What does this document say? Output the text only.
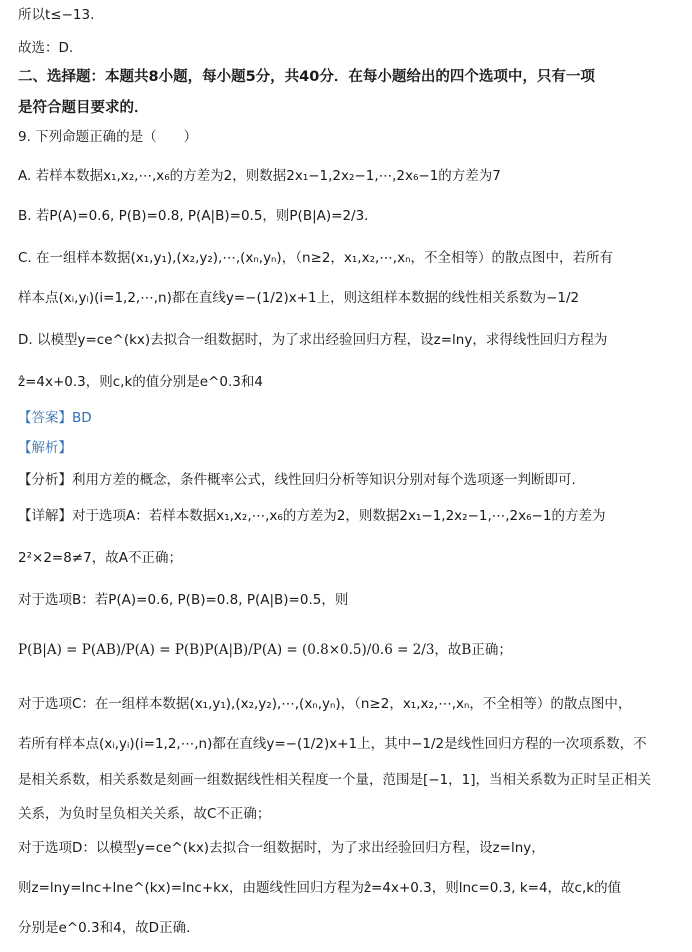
所以t≤−13.
故选：D.
二、选择题：本题共8小题，每小题5分，共40分．在每小题给出的四个选项中，只有一项
是符合题目要求的．
9. 下列命题正确的是（　　）
A. 若样本数据x₁,x₂,⋯,x₆的方差为2，则数据2x₁−1,2x₂−1,⋯,2x₆−1的方差为7
B. 若P(A)=0.6, P(B)=0.8, P(A|B)=0.5，则P(B|A)=2/3．
C. 在一组样本数据(x₁,y₁),(x₂,y₂),⋯,(xₙ,yₙ)，（n≥2，x₁,x₂,⋯,xₙ，不全相等）的散点图中，若所有
样本点(xᵢ,yᵢ)(i=1,2,⋯,n)都在直线y=−(1/2)x+1上，则这组样本数据的线性相关系数为−1/2
D. 以模型y=ce^(kx)去拟合一组数据时，为了求出经验回归方程，设z=lny，求得线性回归方程为
ẑ=4x+0.3，则c,k的值分别是e^0.3和4
【答案】BD
【解析】
【分析】利用方差的概念，条件概率公式，线性回归分析等知识分别对每个选项逐一判断即可.
【详解】对于选项A：若样本数据x₁,x₂,⋯,x₆的方差为2，则数据2x₁−1,2x₂−1,⋯,2x₆−1的方差为
2²×2=8≠7，故A不正确；
对于选项B：若P(A)=0.6, P(B)=0.8, P(A|B)=0.5，则
P(B|A) = P(AB)/P(A) = P(B)P(A|B)/P(A) = (0.8×0.5)/0.6 = 2/3，故B正确；
对于选项C：在一组样本数据(x₁,y₁),(x₂,y₂),⋯,(xₙ,yₙ)，（n≥2，x₁,x₂,⋯,xₙ，不全相等）的散点图中，
若所有样本点(xᵢ,yᵢ)(i=1,2,⋯,n)都在直线y=−(1/2)x+1上，其中−1/2是线性回归方程的一次项系数，不
是相关系数，相关系数是刻画一组数据线性相关程度一个量，范围是[−1，1]，当相关系数为正时呈正相关
关系，为负时呈负相关关系，故C不正确；
对于选项D：以模型y=ce^(kx)去拟合一组数据时，为了求出经验回归方程，设z=lny，
则z=lny=lnc+lne^(kx)=lnc+kx，由题线性回归方程为ẑ=4x+0.3，则lnc=0.3, k=4，故c,k的值
分别是e^0.3和4，故D正确.
